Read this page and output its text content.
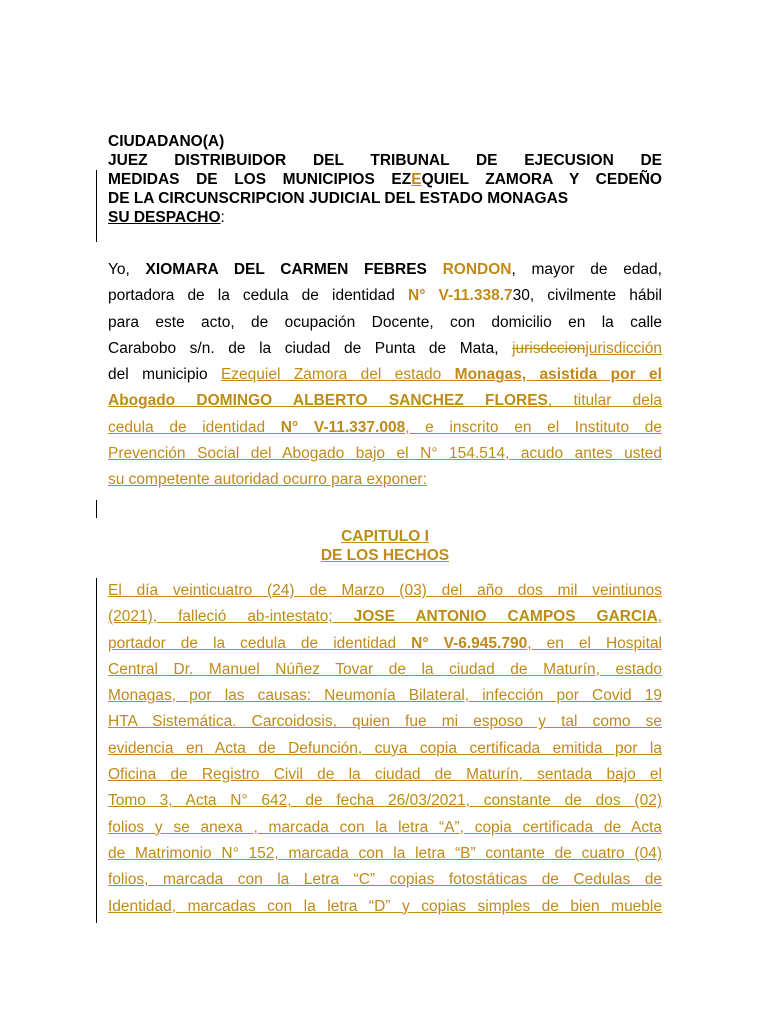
CIUDADANO(A)
JUEZ DISTRIBUIDOR DEL TRIBUNAL DE EJECUSION DE
MEDIDAS DE LOS MUNICIPIOS EZEQUIEL ZAMORA Y CEDEÑO
DE LA CIRCUNSCRIPCION JUDICIAL DEL ESTADO MONAGAS
SU DESPACHO:
Yo, XIOMARA DEL CARMEN FEBRES RONDON, mayor de edad,
portadora de la cedula de identidad N° V-11.338.730, civilmente hábil
para este acto, de ocupación Docente, con domicilio en la calle
Carabobo s/n. de la ciudad de Punta de Mata, jurisdccionjurisdicción
del municipio Ezequiel Zamora del estado Monagas, asistida por el
Abogado DOMINGO ALBERTO SANCHEZ FLORES, titular dela
cedula de identidad N° V-11.337.008, e inscrito en el Instituto de
Prevención Social del Abogado bajo el N° 154.514, acudo antes usted
su competente autoridad ocurro para exponer:
CAPITULO I
DE LOS HECHOS
El día veinticuatro (24) de Marzo (03) del año dos mil veintiunos
(2021), falleció ab-intestato; JOSE ANTONIO CAMPOS GARCIA,
portador de la cedula de identidad N° V-6.945.790, en el Hospital
Central Dr. Manuel Núñez Tovar de la ciudad de Maturín, estado
Monagas, por las causas: Neumonía Bilateral, infección por Covid 19
HTA Sistemática. Carcoidosis, quien fue mi esposo y tal como se
evidencia en Acta de Defunción, cuya copia certificada emitida por la
Oficina de Registro Civil de la ciudad de Maturín, sentada bajo el
Tomo 3, Acta N° 642, de fecha 26/03/2021, constante de dos (02)
folios y se anexa , marcada con la letra “A”, copia certificada de Acta
de Matrimonio N° 152, marcada con la letra “B” contante de cuatro (04)
folios, marcada con la Letra “C” copias fotostáticas de Cedulas de
Identidad, marcadas con la letra “D” y copias simples de bien mueble
